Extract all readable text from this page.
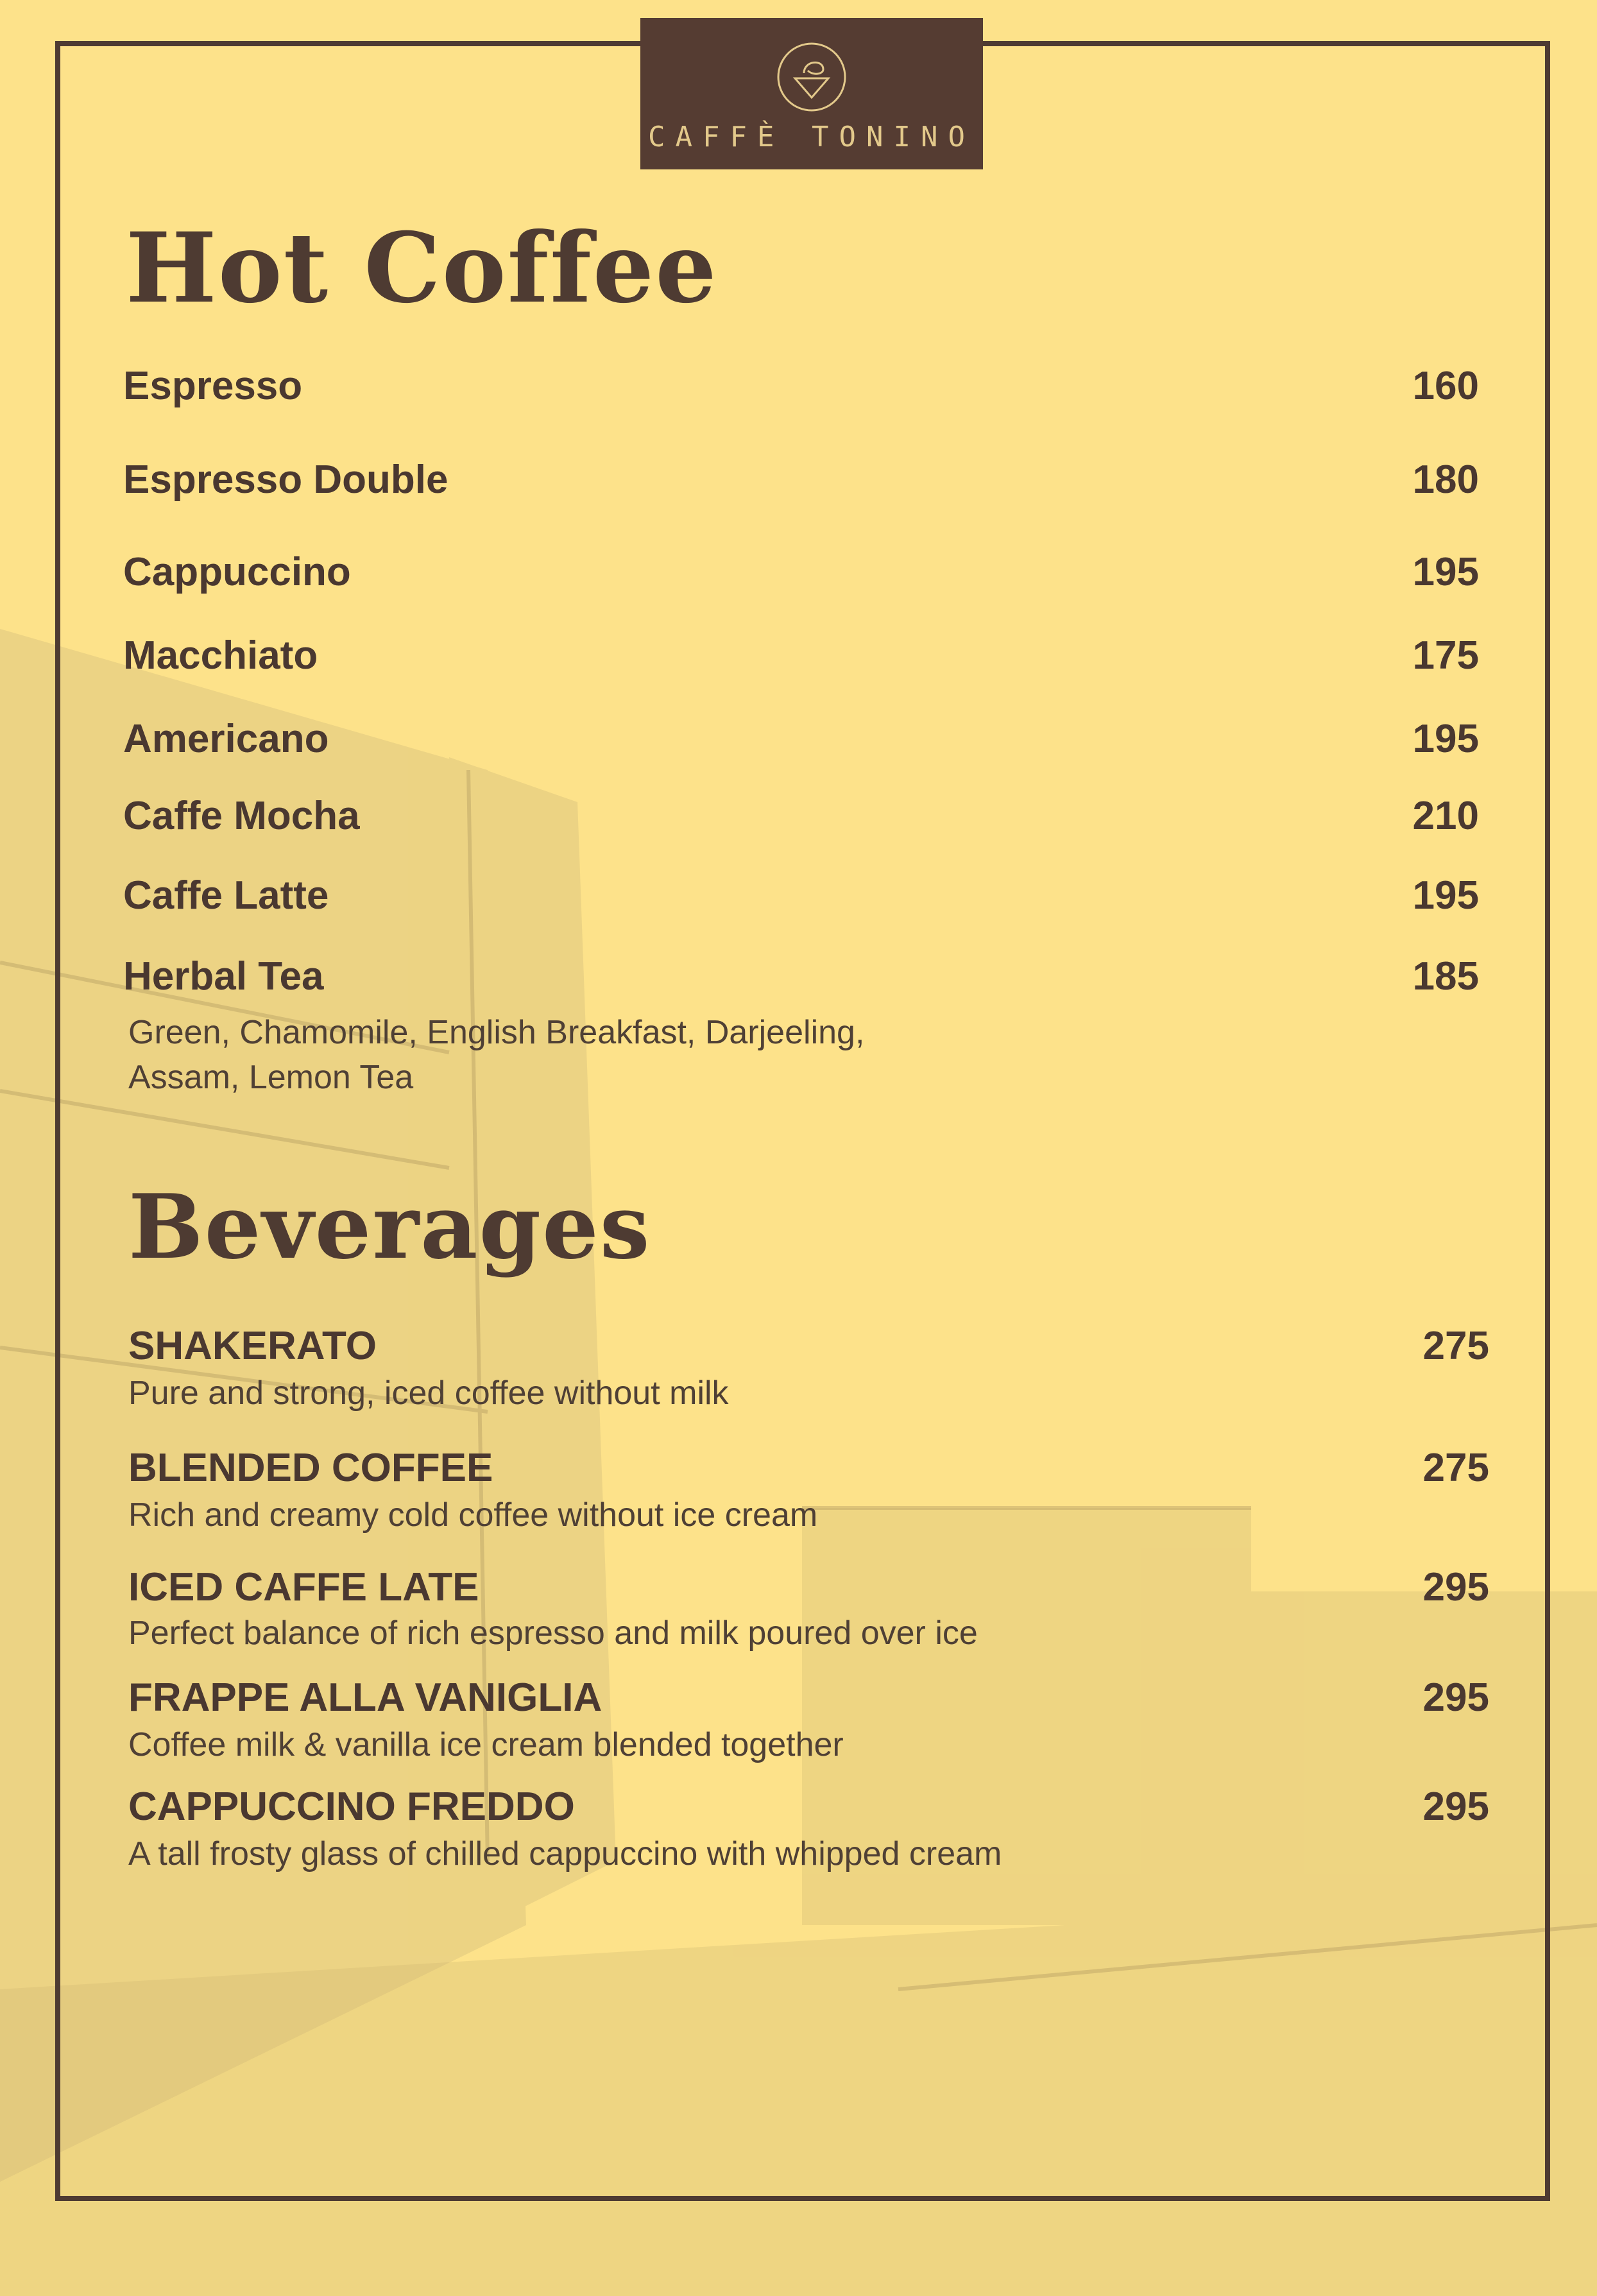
CAFFÈ TONINO
Hot Coffee
Espresso	160
Espresso Double	180
Cappuccino	195
Macchiato	175
Americano	195
Caffe Mocha	210
Caffe Latte	195
Herbal Tea	185
Green, Chamomile, English Breakfast, Darjeeling,
Assam, Lemon Tea
Beverages
SHAKERATO	275
Pure and strong, iced coffee without milk
BLENDED COFFEE	275
Rich and creamy cold coffee without ice cream
ICED CAFFE LATE	295
Perfect balance of rich espresso and milk poured over ice
FRAPPE ALLA VANIGLIA	295
Coffee milk & vanilla ice cream blended together
CAPPUCCINO FREDDO	295
A tall frosty glass of chilled cappuccino with whipped cream
